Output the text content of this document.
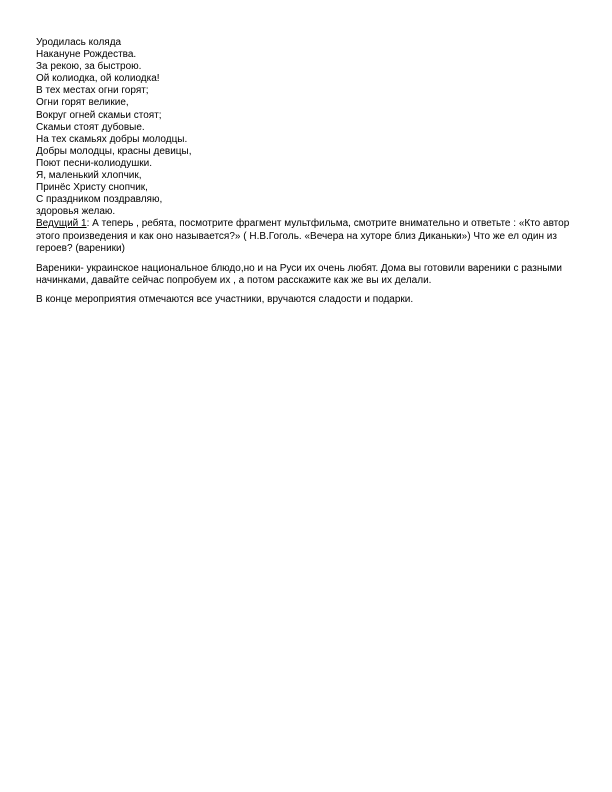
Уродилась коляда
Накануне Рождества.
За рекою, за быстрою.
Ой колиодка, ой колиодка!
В тех местах огни горят;
Огни горят великие,
Вокруг огней скамьи стоят;
Скамьи стоят дубовые.
На тех скамьях добры молодцы.
Добры молодцы, красны девицы,
Поют песни-колиодушки.
Я, маленький хлопчик,
Принёс Христу снопчик,
С праздником поздравляю,
здоровья желаю.

Ведущий 1: А теперь , ребята, посмотрите фрагмент мультфильма, смотрите внимательно и ответьте : «Кто автор этого произведения и как оно называется?» ( Н.В.Гоголь. «Вечера на хуторе близ Диканьки») Что же ел один из героев? (вареники)

Вареники- украинское национальное блюдо,но и на Руси их очень любят. Дома вы готовили вареники с разными начинками, давайте сейчас попробуем их , а потом расскажите как же вы их делали.

В конце мероприятия отмечаются все участники, вручаются сладости и подарки.
